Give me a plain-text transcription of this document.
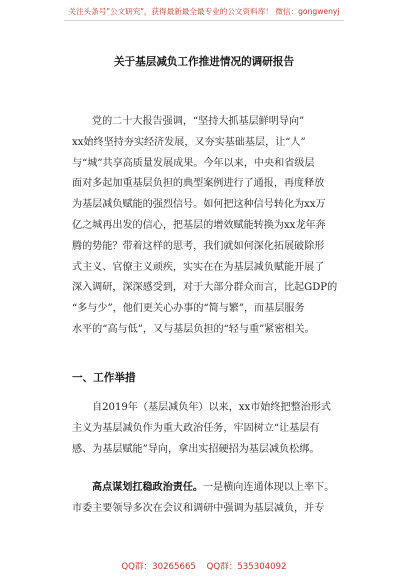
关注头条号"公文研究"，获得最新最全最专业的公文资料库！ 微信：gongwenyj
关于基层减负工作推进情况的调研报告
党的二十大报告强调，“坚持大抓基层鲜明导向”
xx始终坚持夯实经济发展，又夯实基础基层，让“人”
与“城”共享高质量发展成果。今年以来，中央和省级层
面对多起加重基层负担的典型案例进行了通报，再度释放
为基层减负赋能的强烈信号。如何把这种信号转化为xx万
亿之城再出发的信心，把基层的增效赋能转换为xx龙年奔
腾的势能？带着这样的思考，我们就如何深化拓展破除形
式主义、官僚主义顽疾，实实在在为基层减负赋能开展了
深入调研，深深感受到，对于大部分群众而言，比起GDP的
“多与少”，他们更关心办事的“简与繁”，而基层服务
水平的“高与低”，又与基层负担的“轻与重”紧密相关。
一、工作举措
自2019年（基层减负年）以来，xx市始终把整治形式
主义为基层减负作为重大政治任务，牢固树立“让基层有
感、为基层赋能”导向，拿出实招硬招为基层减负松绑。
高点谋划扛稳政治责任。一是横向连通体现以上率下。
市委主要领导多次在会议和调研中强调为基层减负，并专
QQ群：30265665 QQ群：535304092
